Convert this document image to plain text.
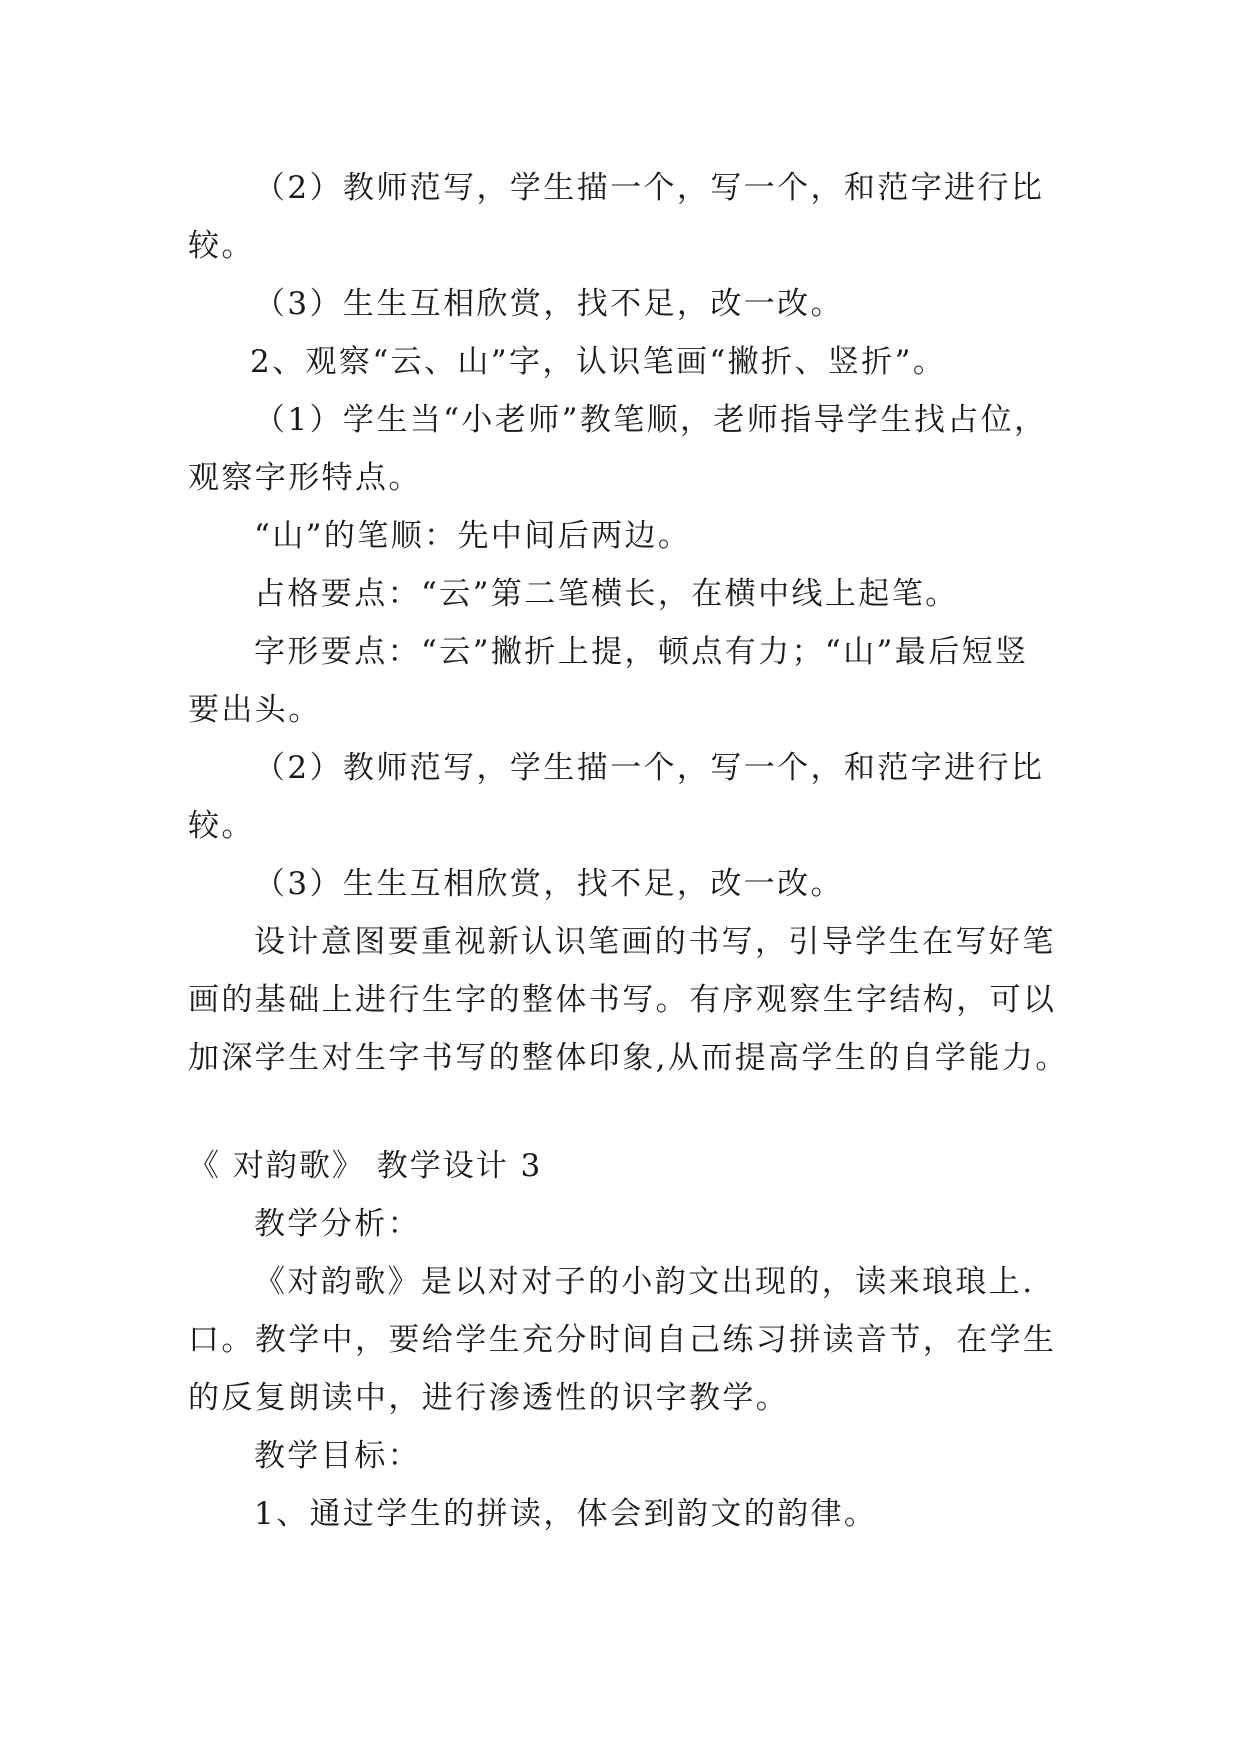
（2）教师范写，学生描一个，写一个，和范字进行比
较。
（3）生生互相欣赏，找不足，改一改。
2、观察“云、山”字，认识笔画“撇折、竖折”。
（1）学生当“小老师”教笔顺，老师指导学生找占位，
观察字形特点。
“山”的笔顺：先中间后两边。
占格要点：“云”第二笔横长，在横中线上起笔。
字形要点：“云”撇折上提，顿点有力；“山”最后短竖
要出头。
（2）教师范写，学生描一个，写一个，和范字进行比
较。
（3）生生互相欣赏，找不足，改一改。
设计意图要重视新认识笔画的书写，引导学生在写好笔
画的基础上进行生字的整体书写。有序观察生字结构，可以
加深学生对生字书写的整体印象,从而提高学生的自学能力。
《 对韵歌》 教学设计 3
教学分析：
《对韵歌》是以对对子的小韵文出现的，读来琅琅上.
口。教学中，要给学生充分时间自己练习拼读音节，在学生
的反复朗读中，进行渗透性的识字教学。
教学目标：
1、通过学生的拼读，体会到韵文的韵律。
